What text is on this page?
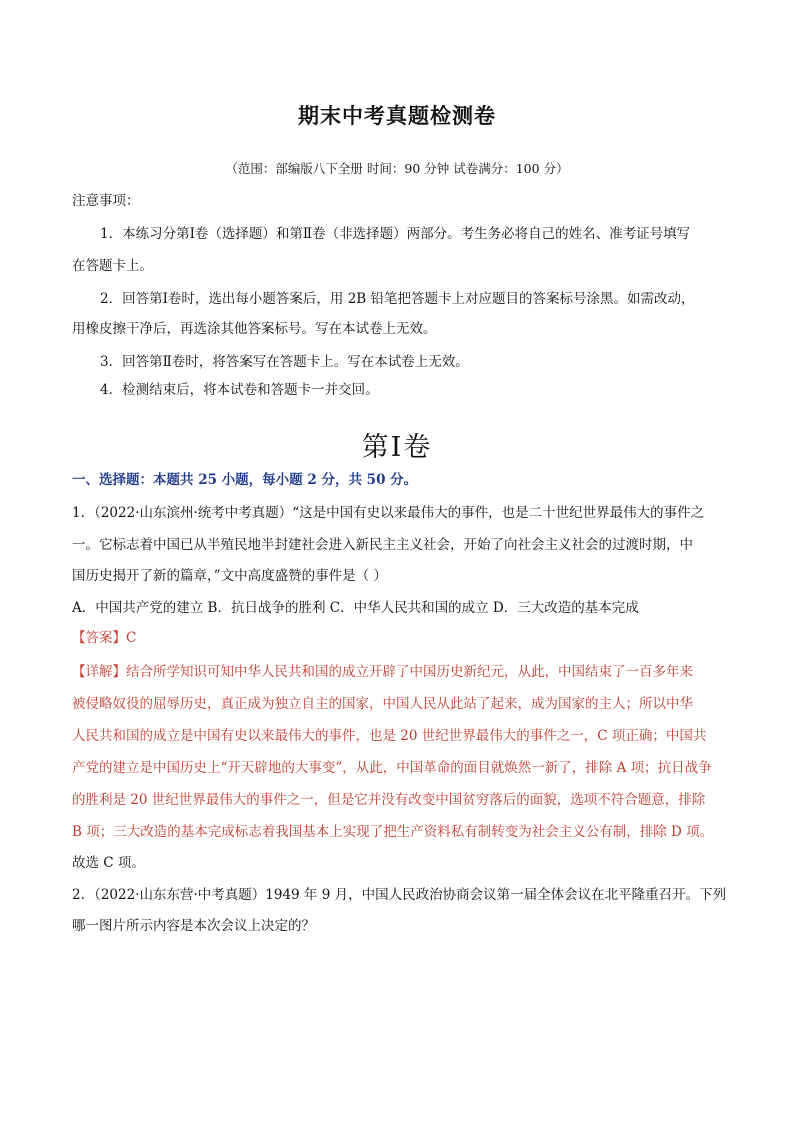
期末中考真题检测卷
（范围：部编版八下全册 时间：90 分钟 试卷满分：100 分）
注意事项：
1．本练习分第Ⅰ卷（选择题）和第Ⅱ卷（非选择题）两部分。考生务必将自己的姓名、准考证号填写
在答题卡上。
2．回答第Ⅰ卷时，选出每小题答案后，用 2B 铅笔把答题卡上对应题目的答案标号涂黑。如需改动，
用橡皮擦干净后，再选涂其他答案标号。写在本试卷上无效。
3．回答第Ⅱ卷时，将答案写在答题卡上。写在本试卷上无效。
4．检测结束后，将本试卷和答题卡一并交回。
第Ⅰ卷
一、选择题：本题共 25 小题，每小题 2 分，共 50 分。
1．（2022·山东滨州·统考中考真题）“这是中国有史以来最伟大的事件，也是二十世纪世界最伟大的事件之
一。它标志着中国已从半殖民地半封建社会进入新民主主义社会，开始了向社会主义社会的过渡时期，中
国历史揭开了新的篇章，”文中高度盛赞的事件是（ ）
A．中国共产党的建立 B．抗日战争的胜利 C．中华人民共和国的成立 D．三大改造的基本完成
【答案】C
【详解】结合所学知识可知中华人民共和国的成立开辟了中国历史新纪元，从此，中国结束了一百多年来
被侵略奴役的屈辱历史，真正成为独立自主的国家，中国人民从此站了起来，成为国家的主人；所以中华
人民共和国的成立是中国有史以来最伟大的事件，也是 20 世纪世界最伟大的事件之一，C 项正确；中国共
产党的建立是中国历史上“开天辟地的大事变”，从此，中国革命的面目就焕然一新了，排除 A 项；抗日战争
的胜利是 20 世纪世界最伟大的事件之一，但是它并没有改变中国贫穷落后的面貌，选项不符合题意，排除
B 项；三大改造的基本完成标志着我国基本上实现了把生产资料私有制转变为社会主义公有制，排除 D 项。
故选 C 项。
2．（2022·山东东营·中考真题）1949 年 9 月，中国人民政治协商会议第一届全体会议在北平隆重召开。下列
哪一图片所示内容是本次会议上决定的？
